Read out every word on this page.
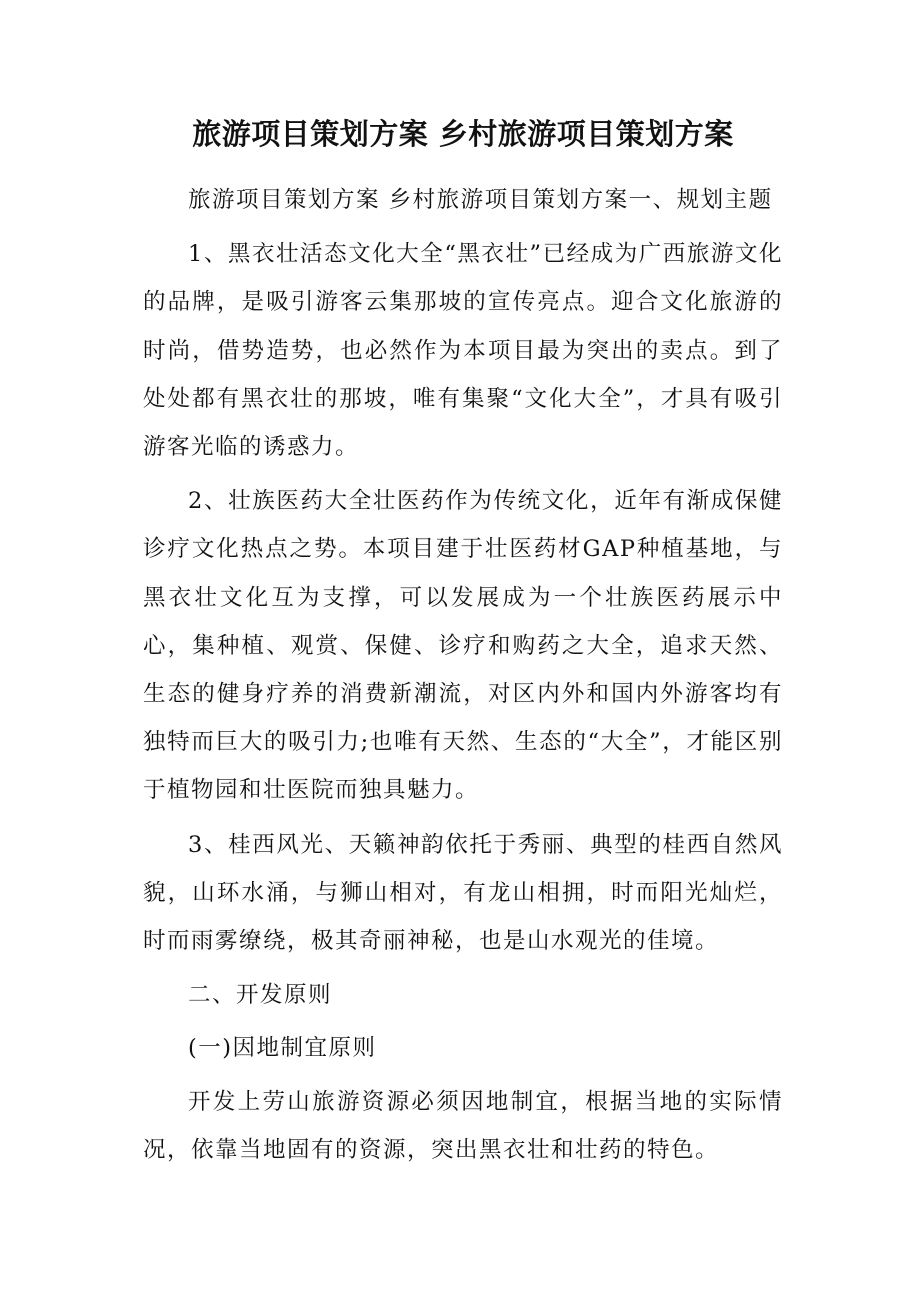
旅游项目策划方案 乡村旅游项目策划方案

旅游项目策划方案 乡村旅游项目策划方案一、规划主题

1、黑衣壮活态文化大全“黑衣壮”已经成为广西旅游文化的品牌，是吸引游客云集那坡的宣传亮点。迎合文化旅游的时尚，借势造势，也必然作为本项目最为突出的卖点。到了处处都有黑衣壮的那坡，唯有集聚“文化大全”，才具有吸引游客光临的诱惑力。

2、壮族医药大全壮医药作为传统文化，近年有渐成保健诊疗文化热点之势。本项目建于壮医药材GAP种植基地，与黑衣壮文化互为支撑，可以发展成为一个壮族医药展示中心，集种植、观赏、保健、诊疗和购药之大全，追求天然、生态的健身疗养的消费新潮流，对区内外和国内外游客均有独特而巨大的吸引力;也唯有天然、生态的“大全”，才能区别于植物园和壮医院而独具魅力。

3、桂西风光、天籁神韵依托于秀丽、典型的桂西自然风貌，山环水涌，与狮山相对，有龙山相拥，时而阳光灿烂，时而雨雾缭绕，极其奇丽神秘，也是山水观光的佳境。

二、开发原则

(一)因地制宜原则

开发上劳山旅游资源必须因地制宜，根据当地的实际情况，依靠当地固有的资源，突出黑衣壮和壮药的特色。
